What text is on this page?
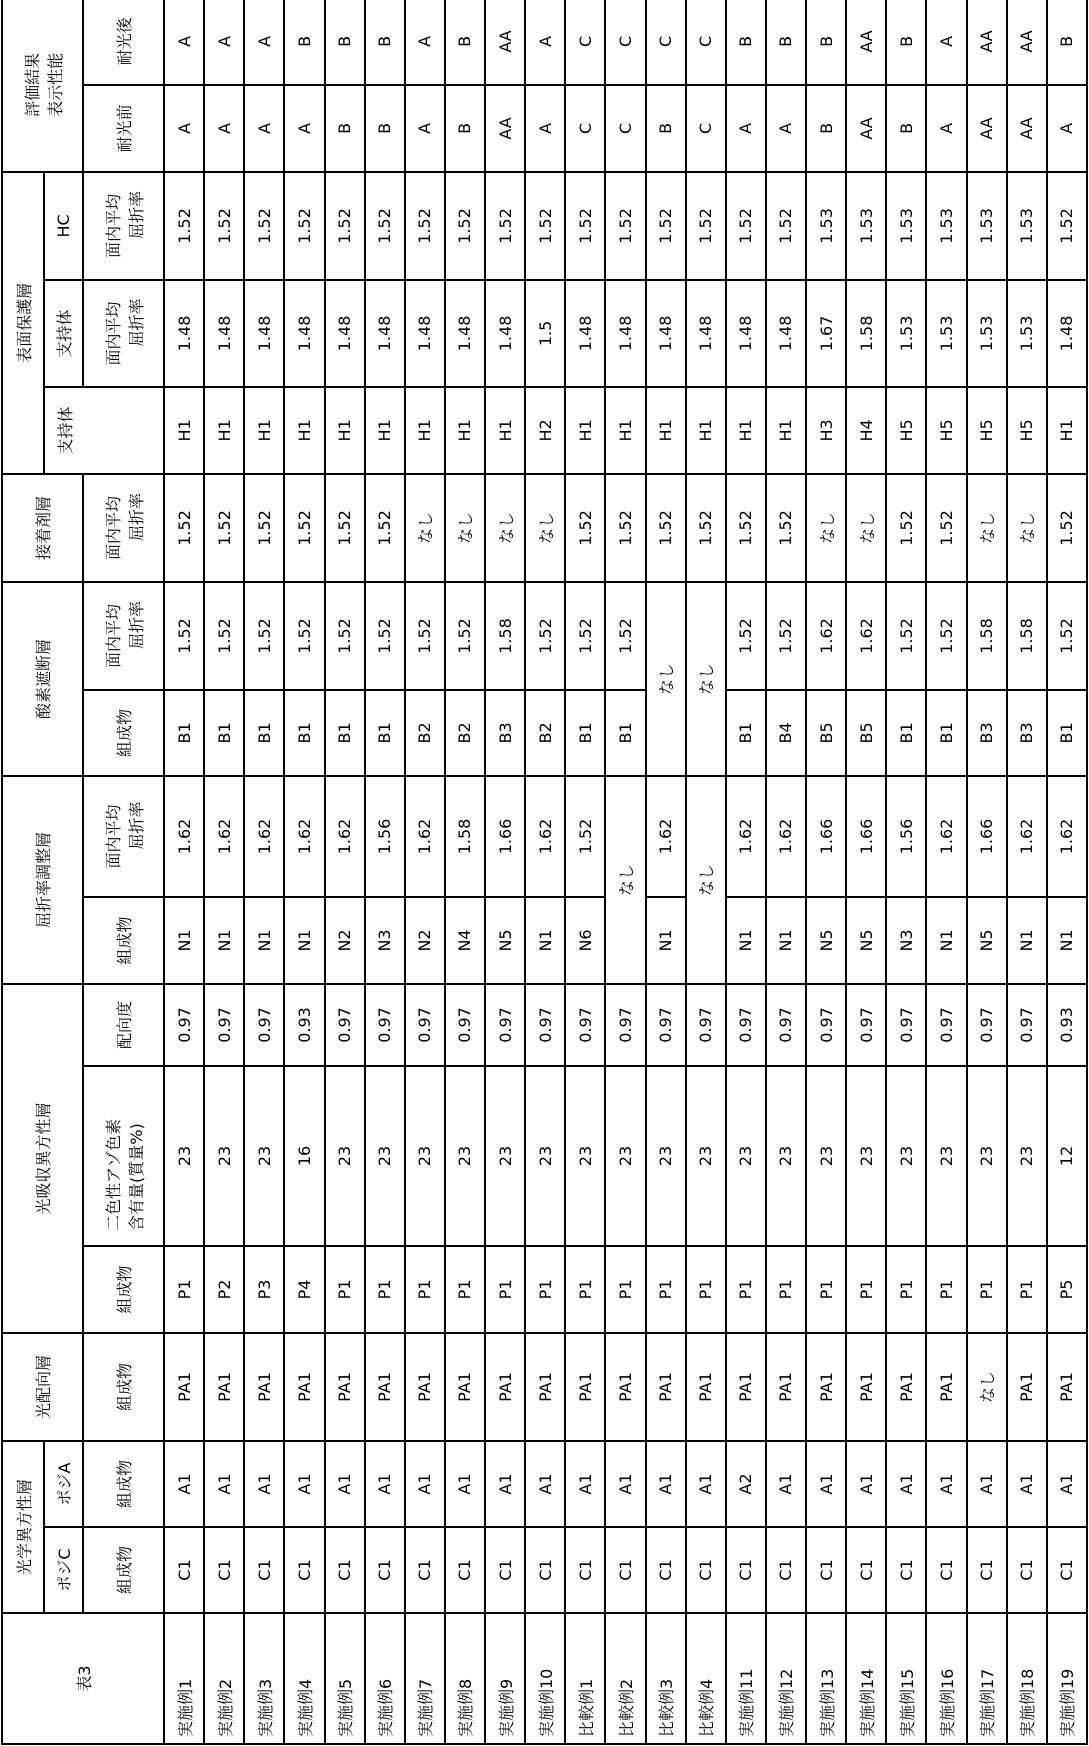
表3	光学異方性層	光配向層	光吸収異方性層	屈折率調整層	酸素遮断層	接着剤層	表面保護層	
評価結果 表示性能

ポジC	ポジA	支持体	支持体	HC
組成物	組成物	組成物	組成物	
二色性アゾ色素 含有量(質量%)
	配向度	組成物	
面内平均 屈折率
	組成物	
面内平均 屈折率

面内平均 屈折率

面内平均 屈折率

面内平均 屈折率
	耐光前	耐光後
実施例1	C1	A1	PA1	P1	23	0.97	N1	1.62	B1	1.52	1.52	H1	1.48	1.52	A	A
実施例2	C1	A1	PA1	P2	23	0.97	N1	1.62	B1	1.52	1.52	H1	1.48	1.52	A	A
実施例3	C1	A1	PA1	P3	23	0.97	N1	1.62	B1	1.52	1.52	H1	1.48	1.52	A	A
実施例4	C1	A1	PA1	P4	16	0.93	N1	1.62	B1	1.52	1.52	H1	1.48	1.52	A	B
実施例5	C1	A1	PA1	P1	23	0.97	N2	1.62	B1	1.52	1.52	H1	1.48	1.52	B	B
実施例6	C1	A1	PA1	P1	23	0.97	N3	1.56	B1	1.52	1.52	H1	1.48	1.52	B	B
実施例7	C1	A1	PA1	P1	23	0.97	N2	1.62	B2	1.52	なし	H1	1.48	1.52	A	A
実施例8	C1	A1	PA1	P1	23	0.97	N4	1.58	B2	1.52	なし	H1	1.48	1.52	B	B
実施例9	C1	A1	PA1	P1	23	0.97	N5	1.66	B3	1.58	なし	H1	1.48	1.52	AA	AA
実施例10	C1	A1	PA1	P1	23	0.97	N1	1.62	B2	1.52	なし	H2	1.5	1.52	A	A
比較例1	C1	A1	PA1	P1	23	0.97	N6	1.52	B1	1.52	1.52	H1	1.48	1.52	C	C
比較例2	C1	A1	PA1	P1	23	0.97	なし	B1	1.52	1.52	H1	1.48	1.52	C	C
比較例3	C1	A1	PA1	P1	23	0.97	N1	1.62	なし	1.52	H1	1.48	1.52	B	C
比較例4	C1	A1	PA1	P1	23	0.97	なし	なし	1.52	H1	1.48	1.52	C	C
実施例11	C1	A2	PA1	P1	23	0.97	N1	1.62	B1	1.52	1.52	H1	1.48	1.52	A	B
実施例12	C1	A1	PA1	P1	23	0.97	N1	1.62	B4	1.52	1.52	H1	1.48	1.52	A	B
実施例13	C1	A1	PA1	P1	23	0.97	N5	1.66	B5	1.62	なし	H3	1.67	1.53	B	B
実施例14	C1	A1	PA1	P1	23	0.97	N5	1.66	B5	1.62	なし	H4	1.58	1.53	AA	AA
実施例15	C1	A1	PA1	P1	23	0.97	N3	1.56	B1	1.52	1.52	H5	1.53	1.53	B	B
実施例16	C1	A1	PA1	P1	23	0.97	N1	1.62	B1	1.52	1.52	H5	1.53	1.53	A	A
実施例17	C1	A1	なし	P1	23	0.97	N5	1.66	B3	1.58	なし	H5	1.53	1.53	AA	AA
実施例18	C1	A1	PA1	P1	23	0.97	N1	1.62	B3	1.58	なし	H5	1.53	1.53	AA	AA
実施例19	C1	A1	PA1	P5	12	0.93	N1	1.62	B1	1.52	1.52	H1	1.48	1.52	A	B
